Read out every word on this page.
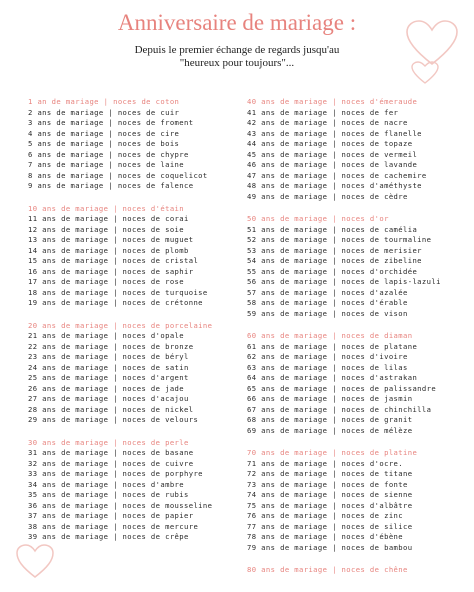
Anniversaire de mariage :
Depuis le premier échange de regards jusqu'au
"heureux pour toujours"...
1 an de mariage | noces de coton
2 ans de mariage | noces de cuir
3 ans de mariage | noces de froment
4 ans de mariage | noces de cire
5 ans de mariage | noces de bois
6 ans de mariage | noces de chypre
7 ans de mariage | noces de laine
8 ans de mariage | noces de coquelicot
9 ans de mariage | noces de falence
10 ans de mariage | noces d'étain
11 ans de mariage | noces de corai
12 ans de mariage | noces de soie
13 ans de mariage | noces de muguet
14 ans de mariage | noces de plomb
15 ans de mariage | noces de cristal
16 ans de mariage | noces de saphir
17 ans de mariage | noces de rose
18 ans de mariage | noces de turquoise
19 ans de mariage | noces de crétonne
20 ans de mariage | noces de porcelaine
21 ans de mariage | noces d'opale
22 ans de mariage | noces de bronze
23 ans de mariage | noces de béryl
24 ans de mariage | noces de satin
25 ans de mariage | noces d'argent
26 ans de mariage | noces de jade
27 ans de mariage | noces d'acajou
28 ans de mariage | noces de nickel
29 ans de mariage | noces de velours
30 ans de mariage | noces de perle
31 ans de mariage | noces de basane
32 ans de mariage | noces de cuivre
33 ans de mariage | noces de porphyre
34 ans de mariage | noces d'ambre
35 ans de mariage | noces de rubis
36 ans de mariage | noces de mousseline
37 ans de mariage | noces de papier
38 ans de mariage | noces de mercure
39 ans de mariage | noces de crêpe
40 ans de mariage | noces d'émeraude
41 ans de mariage | noces de fer
42 ans de mariage | noces de nacre
43 ans de mariage | noces de flanelle
44 ans de mariage | noces de topaze
45 ans de mariage | noces de vermeil
46 ans de mariage | noces de lavande
47 ans de mariage | noces de cachemire
48 ans de mariage | noces d'améthyste
49 ans de mariage | noces de cèdre
50 ans de mariage | noces d'or
51 ans de mariage | noces de camélia
52 ans de mariage | noces de tourmaline
53 ans de mariage | noces de merisier
54 ans de mariage | noces de zibeline
55 ans de mariage | noces d'orchidée
56 ans de mariage | noces de lapis-lazuli
57 ans de mariage | noces d'azalée
58 ans de mariage | noces d'érable
59 ans de mariage | noces de vison
60 ans de mariage | noces de diaman
61 ans de mariage | noces de platane
62 ans de mariage | noces d'ivoire
63 ans de mariage | noces de lilas
64 ans de mariage | noces d'astrakan
65 ans de mariage | noces de palissandre
66 ans de mariage | noces de jasmin
67 ans de mariage | noces de chinchilla
68 ans de mariage | noces de granit
69 ans de mariage | noces de mélèze
70 ans de mariage | noces de platine
71 ans de mariage | noces d'ocre.
72 ans de mariage | noces de titane
73 ans de mariage | noces de fonte
74 ans de mariage | noces de sienne
75 ans de mariage | noces d'albâtre
76 ans de mariage | noces de zinc
77 ans de mariage | noces de silice
78 ans de mariage | noces d'ébène
79 ans de mariage | noces de bambou
80 ans de mariage | noces de chêne
